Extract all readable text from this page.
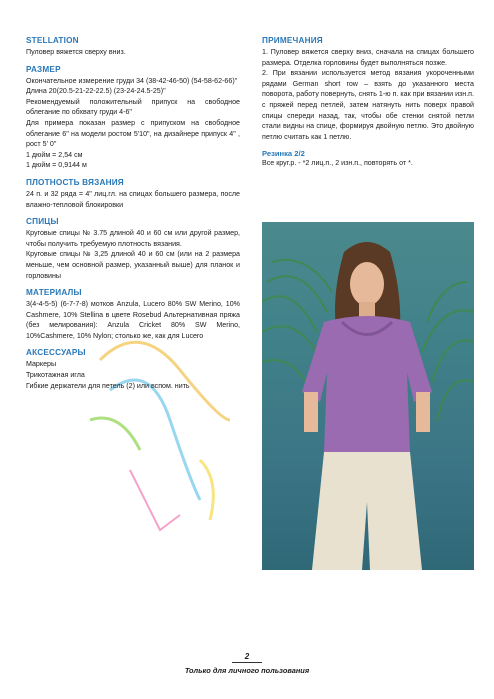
STELLATION

Пуловер вяжется сверху вниз.

РАЗМЕР

Окончательное измерение груди 34 (38-42-46-50) (54-58-62-66)"

Длина 20(20.5-21-22-22.5) (23-24-24.5-25)"

Рекомендуемый положительный припуск на свободное облегание по обхвату груди 4-6"

Для примера показан размер с припуском на свободное облегание 6" на модели ростом 5'10", на дизайнере припуск 4" , рост 5' 0"

1 дюйм = 2,54 см

1 дюйм = 0,9144 м

ПЛОТНОСТЬ ВЯЗАНИЯ

24 п. и 32 ряда = 4" лиц.гл. на спицах большего размера, после влажно-тепловой блокировки

СПИЦЫ

Круговые спицы № 3.75 длиной 40 и 60 см или другой размер, чтобы получить требуемую плотность вязания.

Круговые спицы № 3,25 длиной 40 и 60 см (или на 2 размера меньше, чем основной размер, указанный выше) для планок и горловины

МАТЕРИАЛЫ

3(4-4-5-5) (6-7-7-8) мотков Anzula, Lucero 80% SW Merino, 10% Cashmere, 10% Stellina в цвете Rosebud Альтернативная пряжа (без мелирования): Anzula Cricket 80% SW Merino, 10%Cashmere, 10% Nylon; столько же, как для Lucero

АКСЕССУАРЫ

Маркеры

Трикотажная игла

Гибкие держатели для петель (2) или вспом. нить

ПРИМЕЧАНИЯ

1. Пуловер вяжется сверху вниз, сначала на спицах большего размера. Отделка горловины будет выполняться позже.

2. При вязании используется метод вязания укороченными рядами German short row – взять до указанного места поворота, работу повернуть, снять 1-ю п. как при вязании изн.п. с пряжей перед петлей, затем натянуть нить поверх правой спицы спереди назад, так, чтобы обе стенки снятой петли стали видны на спице, формируя двойную петлю. Это двойную петлю считать как 1 петлю.

Резинка 2/2

Все круг.р. - *2 лиц.п., 2 изн.п., повторять от *.

2
Только для личного пользования
